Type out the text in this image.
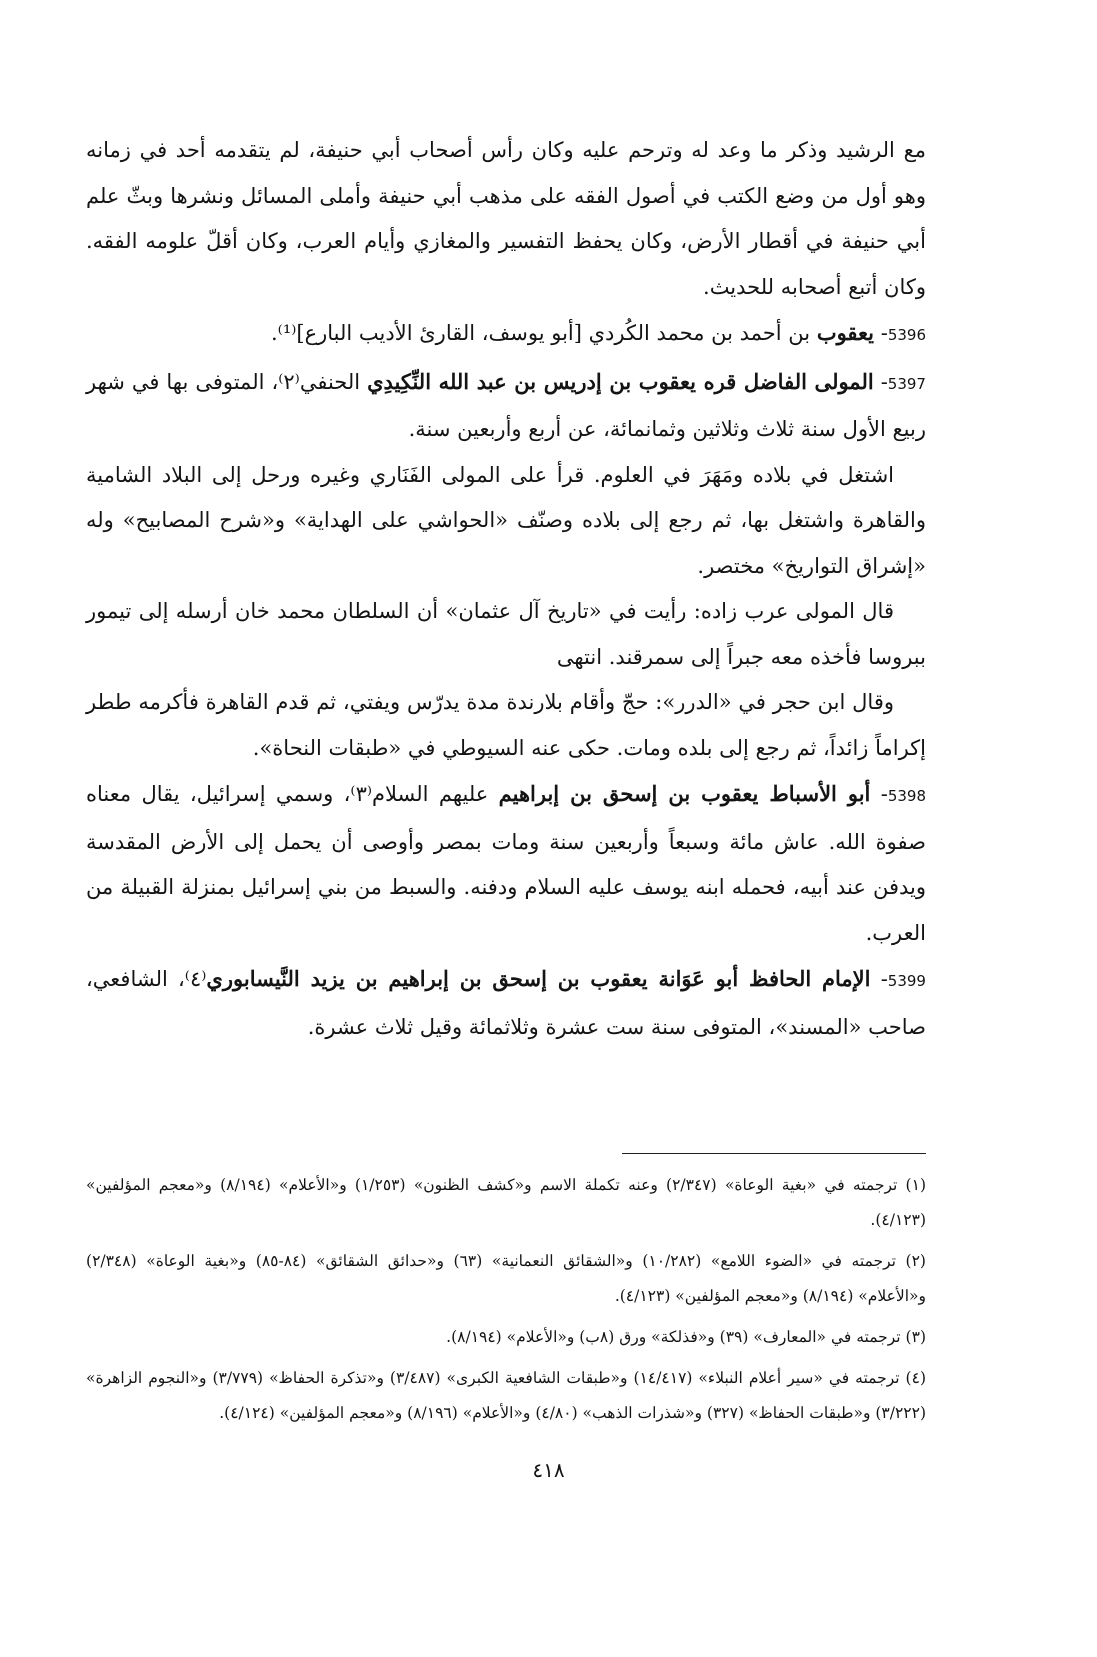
مع الرشيد وذكر ما وعد له وترحم عليه وكان رأس أصحاب أبي حنيفة، لم يتقدمه أحد في زمانه وهو أول من وضع الكتب في أصول الفقه على مذهب أبي حنيفة وأملى المسائل ونشرها وبثّ علم أبي حنيفة في أقطار الأرض، وكان يحفظ التفسير والمغازي وأيام العرب، وكان أقلّ علومه الفقه. وكان أتبع أصحابه للحديث.

5396- يعقوب بن أحمد بن محمد الكُردي [أبو يوسف، القارئ الأديب البارع]⁽¹⁾.

5397- المولى الفاضل قره يعقوب بن إدريس بن عبد الله النِّكِيدِي الحنفي⁽٢⁾، المتوفى بها في شهر ربيع الأول سنة ثلاث وثلاثين وثمانمائة، عن أربع وأربعين سنة.

اشتغل في بلاده ومَهَرَ في العلوم. قرأ على المولى الفَنَاري وغيره ورحل إلى البلاد الشامية والقاهرة واشتغل بها، ثم رجع إلى بلاده وصنّف «الحواشي على الهداية» و«شرح المصابيح» وله «إشراق التواريخ» مختصر.

قال المولى عرب زاده: رأيت في «تاريخ آل عثمان» أن السلطان محمد خان أرسله إلى تيمور ببروسا فأخذه معه جبراً إلى سمرقند. انتهى

وقال ابن حجر في «الدرر»: حجّ وأقام بلارندة مدة يدرّس ويفتي، ثم قدم القاهرة فأكرمه ططر إكراماً زائداً، ثم رجع إلى بلده ومات. حكى عنه السيوطي في «طبقات النحاة».

5398- أبو الأسباط يعقوب بن إسحق بن إبراهيم عليهم السلام⁽٣⁾، وسمي إسرائيل، يقال معناه صفوة الله. عاش مائة وسبعاً وأربعين سنة ومات بمصر وأوصى أن يحمل إلى الأرض المقدسة ويدفن عند أبيه، فحمله ابنه يوسف عليه السلام ودفنه. والسبط من بني إسرائيل بمنزلة القبيلة من العرب.

5399- الإمام الحافظ أبو عَوَانة يعقوب بن إسحق بن إبراهيم بن يزيد النَّيسابوري⁽٤⁾، الشافعي، صاحب «المسند»، المتوفى سنة ست عشرة وثلاثمائة وقيل ثلاث عشرة.

(١) ترجمته في «بغية الوعاة» (٢/٣٤٧) وعنه تكملة الاسم و«كشف الظنون» (١/٢٥٣) و«الأعلام» (٨/١٩٤) و«معجم المؤلفين» (٤/١٢٣).

(٢) ترجمته في «الضوء اللامع» (١٠/٢٨٢) و«الشقائق النعمانية» (٦٣) و«حدائق الشقائق» (٨٤-٨٥) و«بغية الوعاة» (٢/٣٤٨) و«الأعلام» (٨/١٩٤) و«معجم المؤلفين» (٤/١٢٣).

(٣) ترجمته في «المعارف» (٣٩) و«فذلكة» ورق (٨ب) و«الأعلام» (٨/١٩٤).

(٤) ترجمته في «سير أعلام النبلاء» (١٤/٤١٧) و«طبقات الشافعية الكبرى» (٣/٤٨٧) و«تذكرة الحفاظ» (٣/٧٧٩) و«النجوم الزاهرة» (٣/٢٢٢) و«طبقات الحفاظ» (٣٢٧) و«شذرات الذهب» (٤/٨٠) و«الأعلام» (٨/١٩٦) و«معجم المؤلفين» (٤/١٢٤).

٤١٨
